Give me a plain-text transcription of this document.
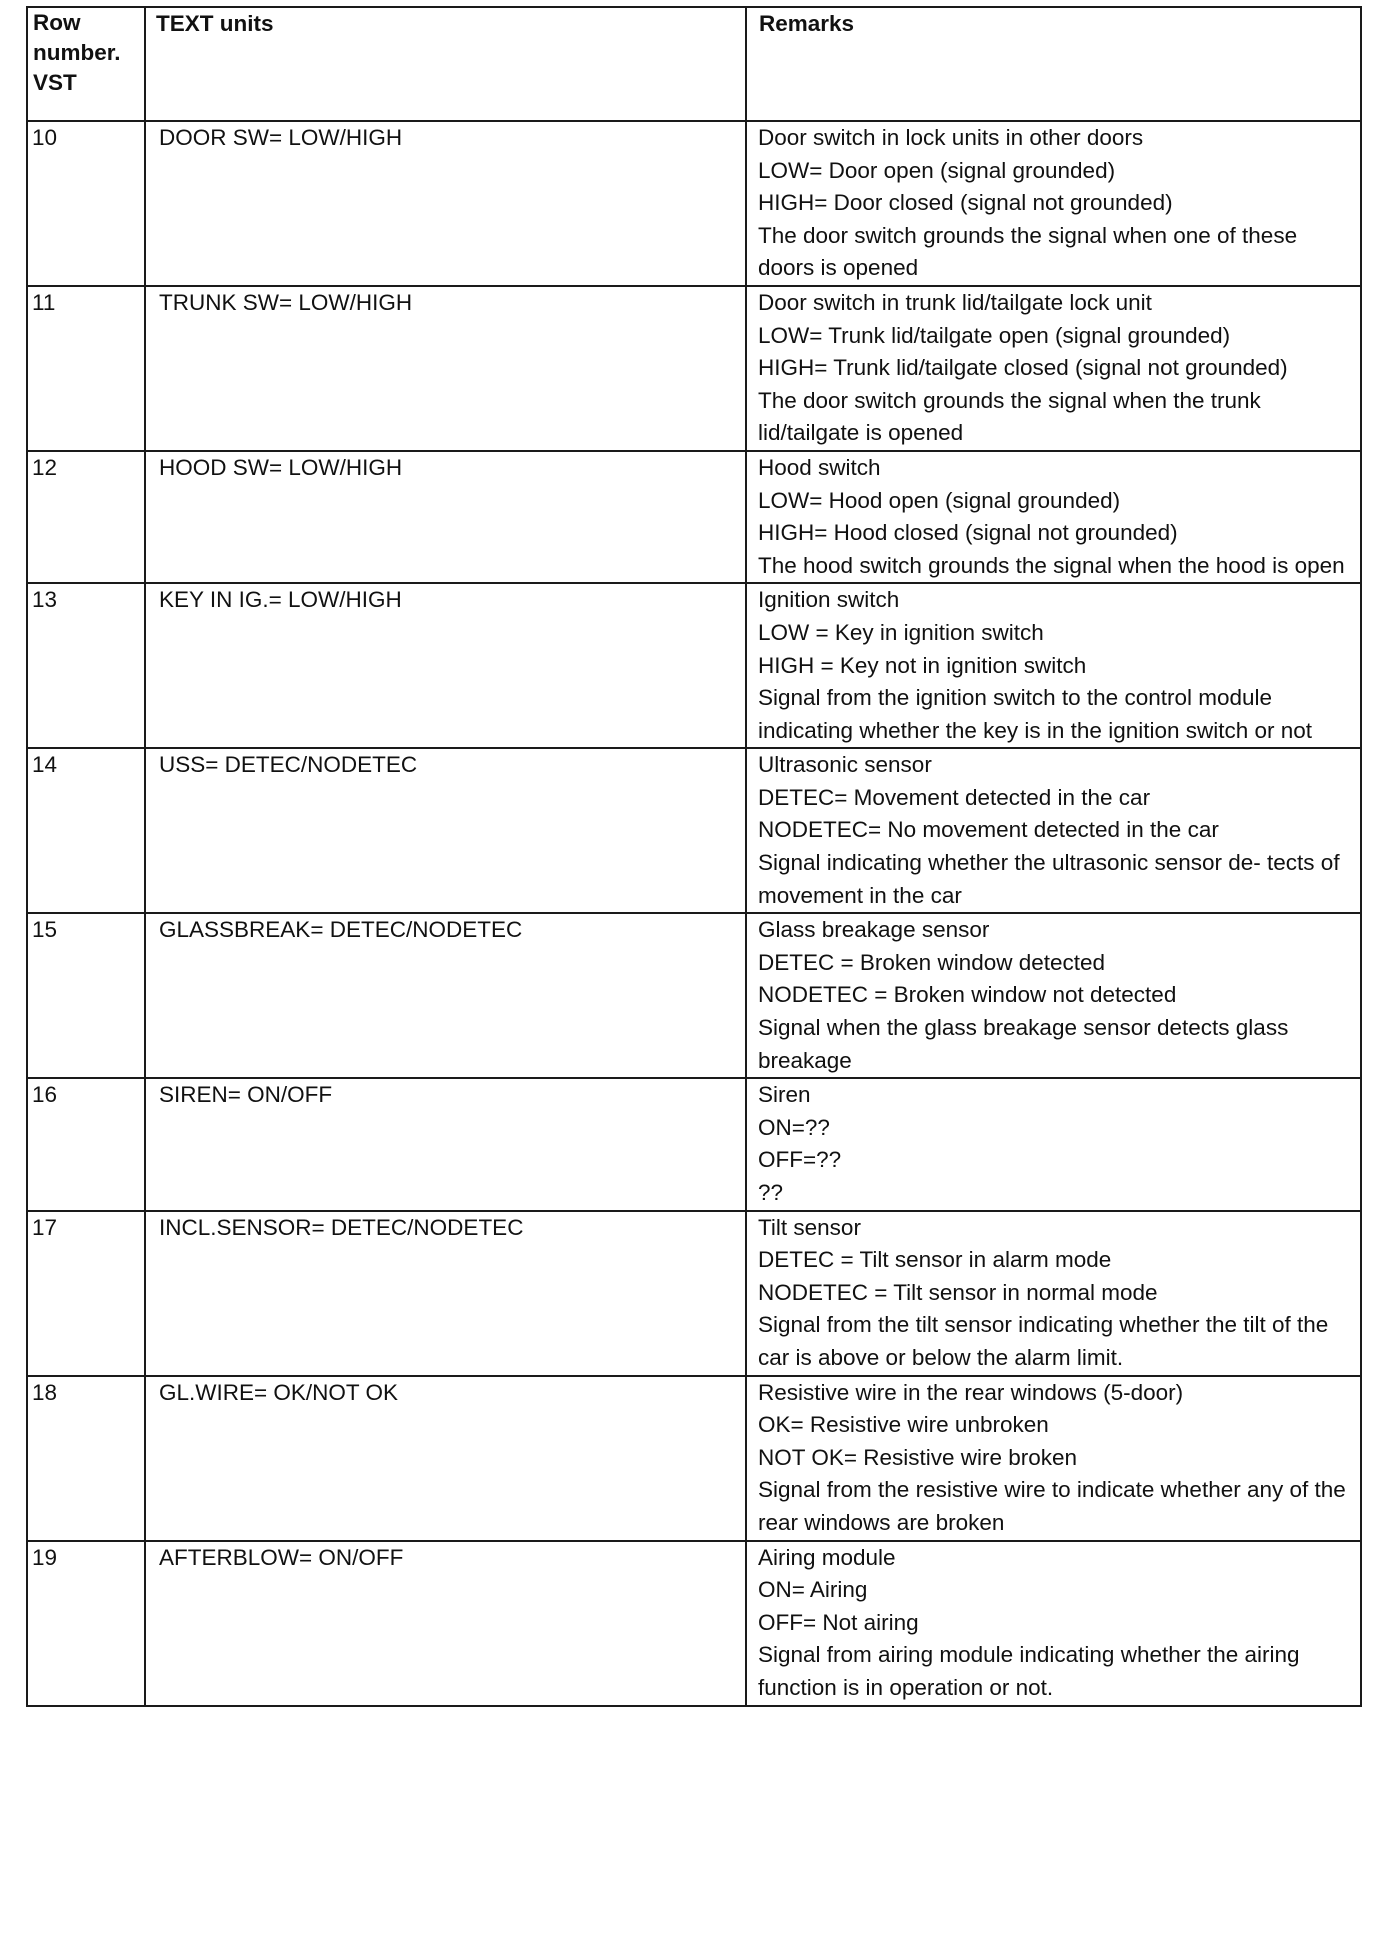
Row
number.
VST	TEXT units	Remarks
10	DOOR SW= LOW/HIGH	Door switch in lock units in other doors
LOW= Door open (signal grounded)
HIGH= Door closed (signal not grounded)
The door switch grounds the signal when one of these doors is opened

11	TRUNK SW= LOW/HIGH	Door switch in trunk lid/tailgate lock unit
LOW= Trunk lid/tailgate open (signal grounded)
HIGH= Trunk lid/tailgate closed (signal not grounded)
The door switch grounds the signal when the trunk lid/tailgate is opened

12	HOOD SW= LOW/HIGH	Hood switch
LOW= Hood open (signal grounded)
HIGH= Hood closed (signal not grounded)
The hood switch grounds the signal when the hood is open

13	KEY IN IG.= LOW/HIGH	Ignition switch
LOW = Key in ignition switch
HIGH = Key not in ignition switch
Signal from the ignition switch to the control module indicating whether the key is in the ignition switch or not

14	USS= DETEC/NODETEC	Ultrasonic sensor
DETEC= Movement detected in the car
NODETEC= No movement detected in the car
Signal indicating whether the ultrasonic sensor de- tects of movement in the car

15	GLASSBREAK= DETEC/NODETEC	Glass breakage sensor
DETEC = Broken window detected
NODETEC = Broken window not detected
Signal when the glass breakage sensor detects glass breakage

16	SIREN= ON/OFF	Siren
ON=??
OFF=??
??

17	INCL.SENSOR= DETEC/NODETEC	Tilt sensor
DETEC = Tilt sensor in alarm mode
NODETEC = Tilt sensor in normal mode
Signal from the tilt sensor indicating whether the tilt of the car is above or below the alarm limit.

18	GL.WIRE= OK/NOT OK	Resistive wire in the rear windows (5-door)
OK= Resistive wire unbroken
NOT OK= Resistive wire broken
Signal from the resistive wire to indicate whether any of the rear windows are broken

19	AFTERBLOW= ON/OFF	Airing module
ON= Airing
OFF= Not airing
Signal from airing module indicating whether the airing function is in operation or not.
